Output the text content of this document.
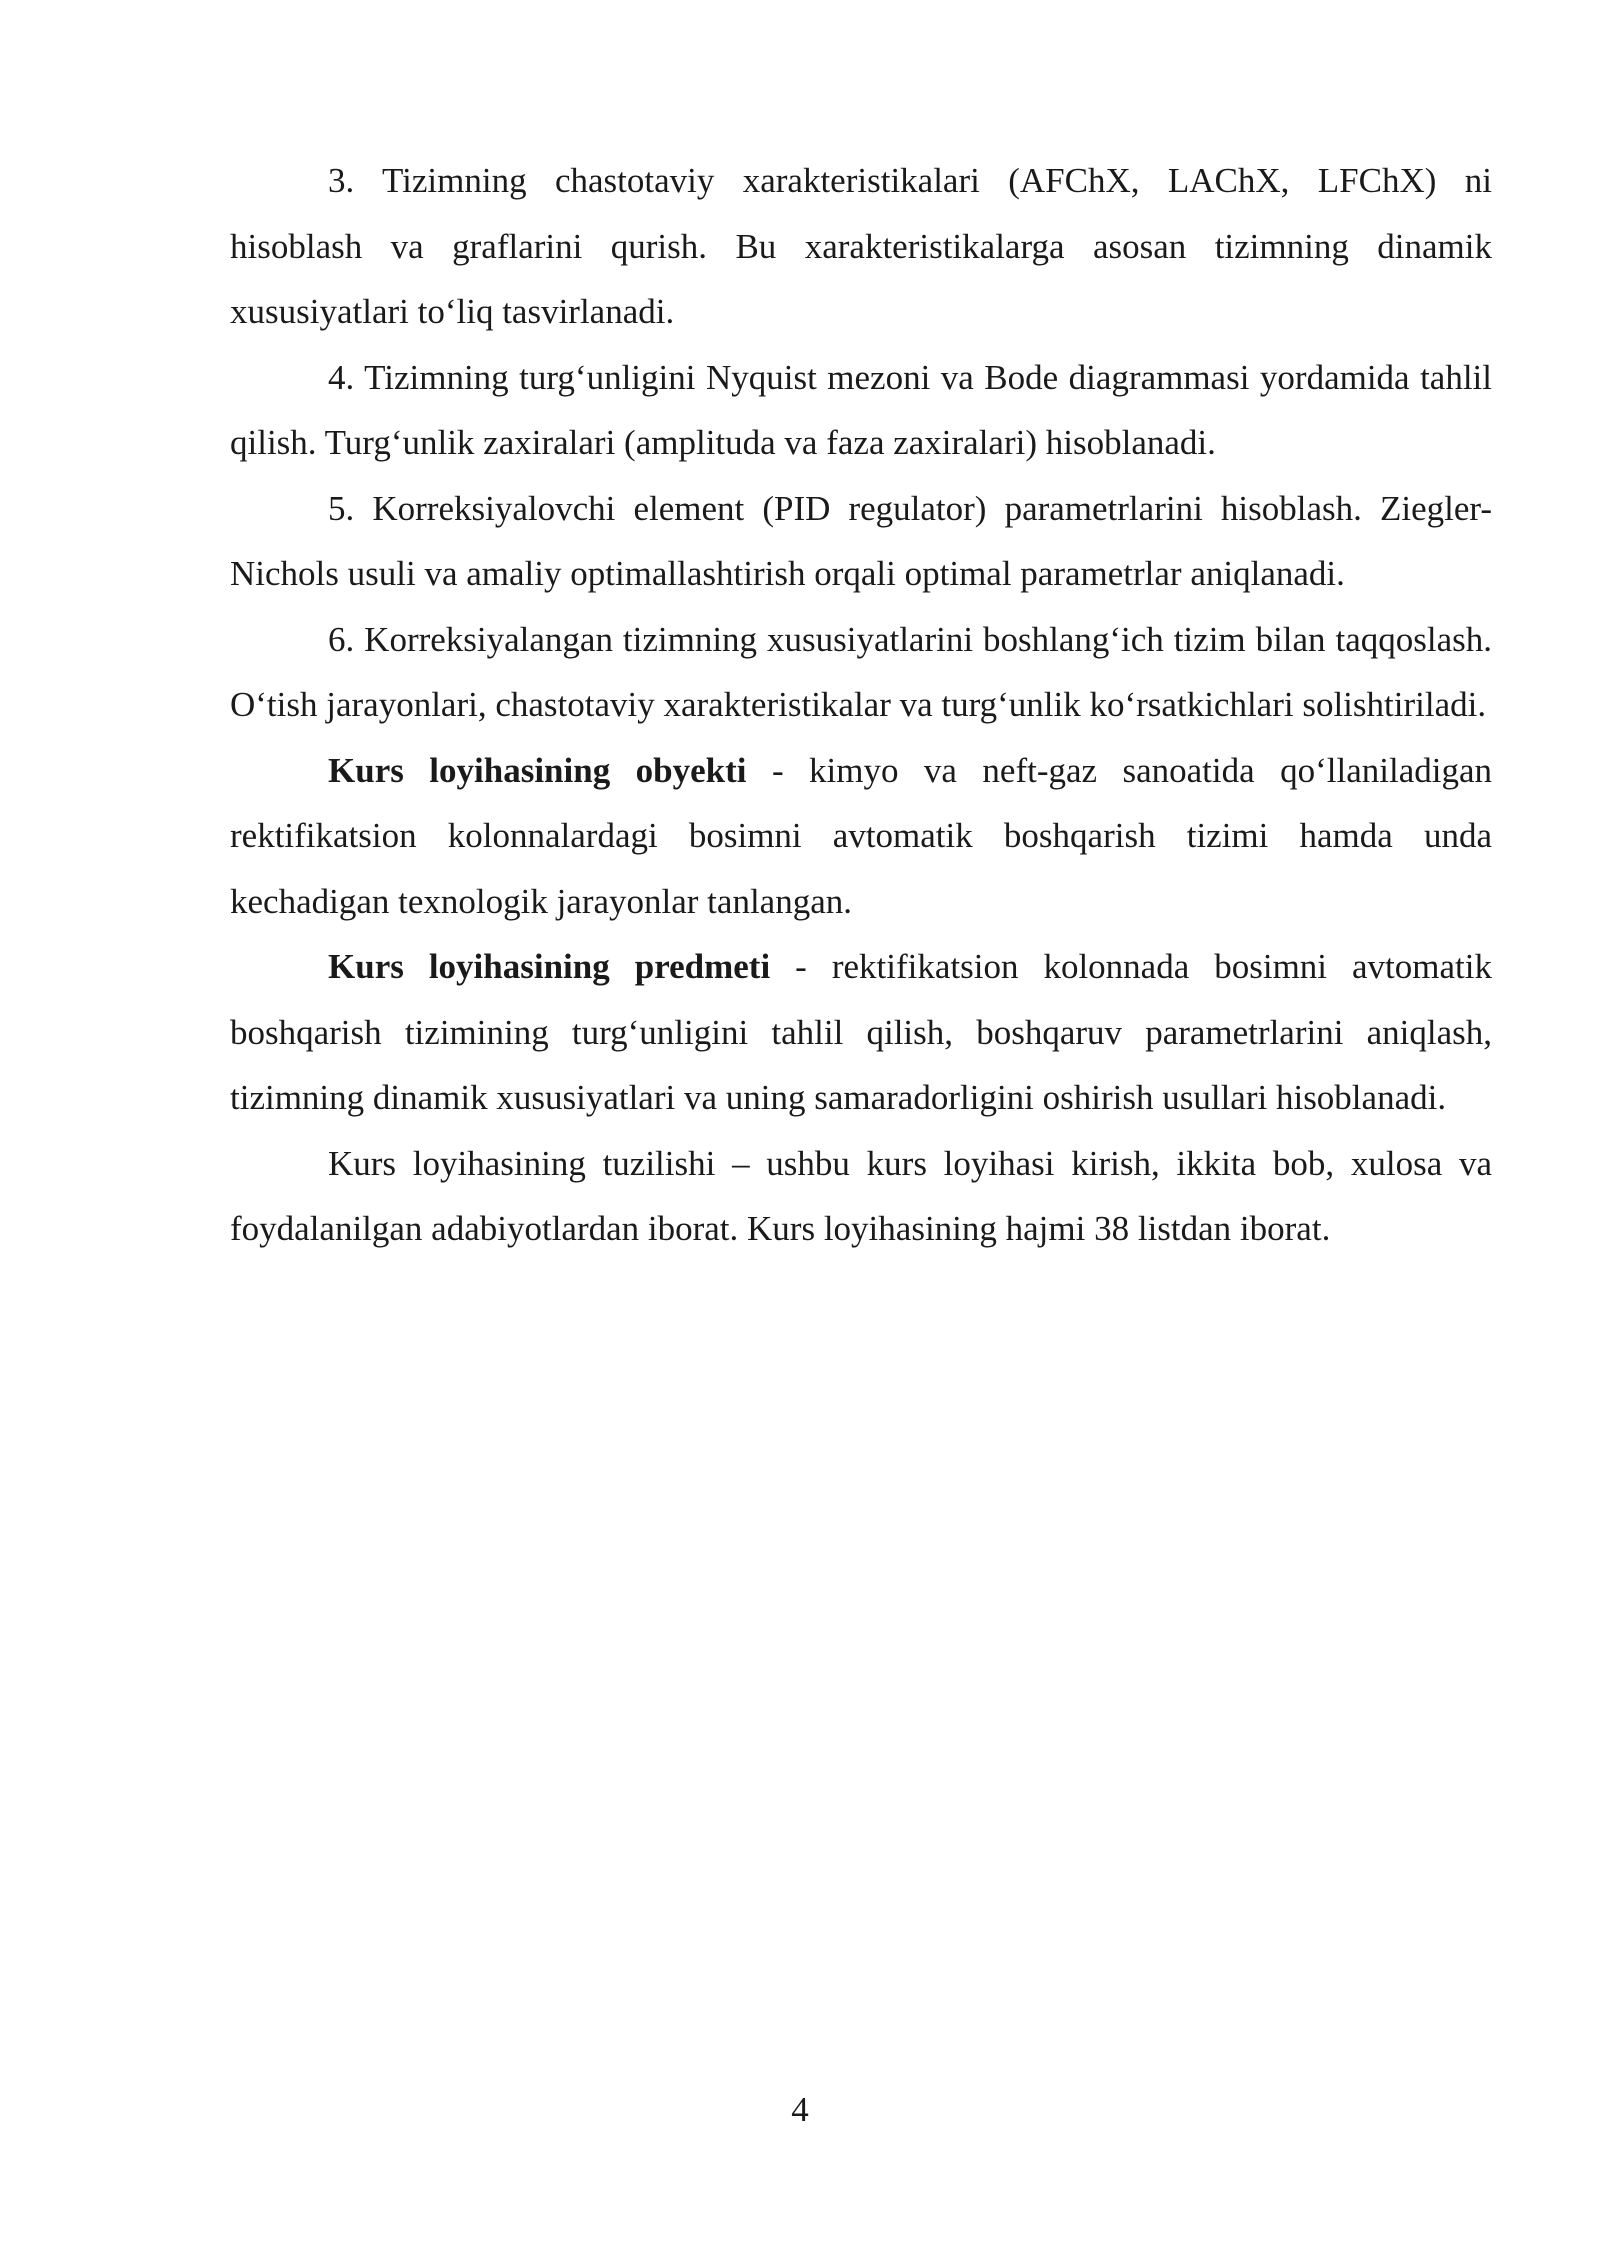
3. Tizimning chastotaviy xarakteristikalari (AFChX, LAChX, LFChX) ni hisoblash va graflarini qurish. Bu xarakteristikalarga asosan tizimning dinamik xususiyatlari to‘liq tasvirlanadi.

4. Tizimning turg‘unligini Nyquist mezoni va Bode diagrammasi yordamida tahlil qilish. Turg‘unlik zaxiralari (amplituda va faza zaxiralari) hisoblanadi.

5. Korreksiyalovchi element (PID regulator) parametrlarini hisoblash. Ziegler-Nichols usuli va amaliy optimallashtirish orqali optimal parametrlar aniqlanadi.

6. Korreksiyalangan tizimning xususiyatlarini boshlang‘ich tizim bilan taqqoslash. O‘tish jarayonlari, chastotaviy xarakteristikalar va turg‘unlik ko‘rsatkichlari solishtiriladi.

Kurs loyihasining obyekti - kimyo va neft-gaz sanoatida qo‘llaniladigan rektifikatsion kolonnalardagi bosimni avtomatik boshqarish tizimi hamda unda kechadigan texnologik jarayonlar tanlangan.

Kurs loyihasining predmeti - rektifikatsion kolonnada bosimni avtomatik boshqarish tizimining turg‘unligini tahlil qilish, boshqaruv parametrlarini aniqlash, tizimning dinamik xususiyatlari va uning samaradorligini oshirish usullari hisoblanadi.

Kurs loyihasining tuzilishi – ushbu kurs loyihasi kirish, ikkita bob, xulosa va foydalanilgan adabiyotlardan iborat. Kurs loyihasining hajmi 38 listdan iborat.

4
